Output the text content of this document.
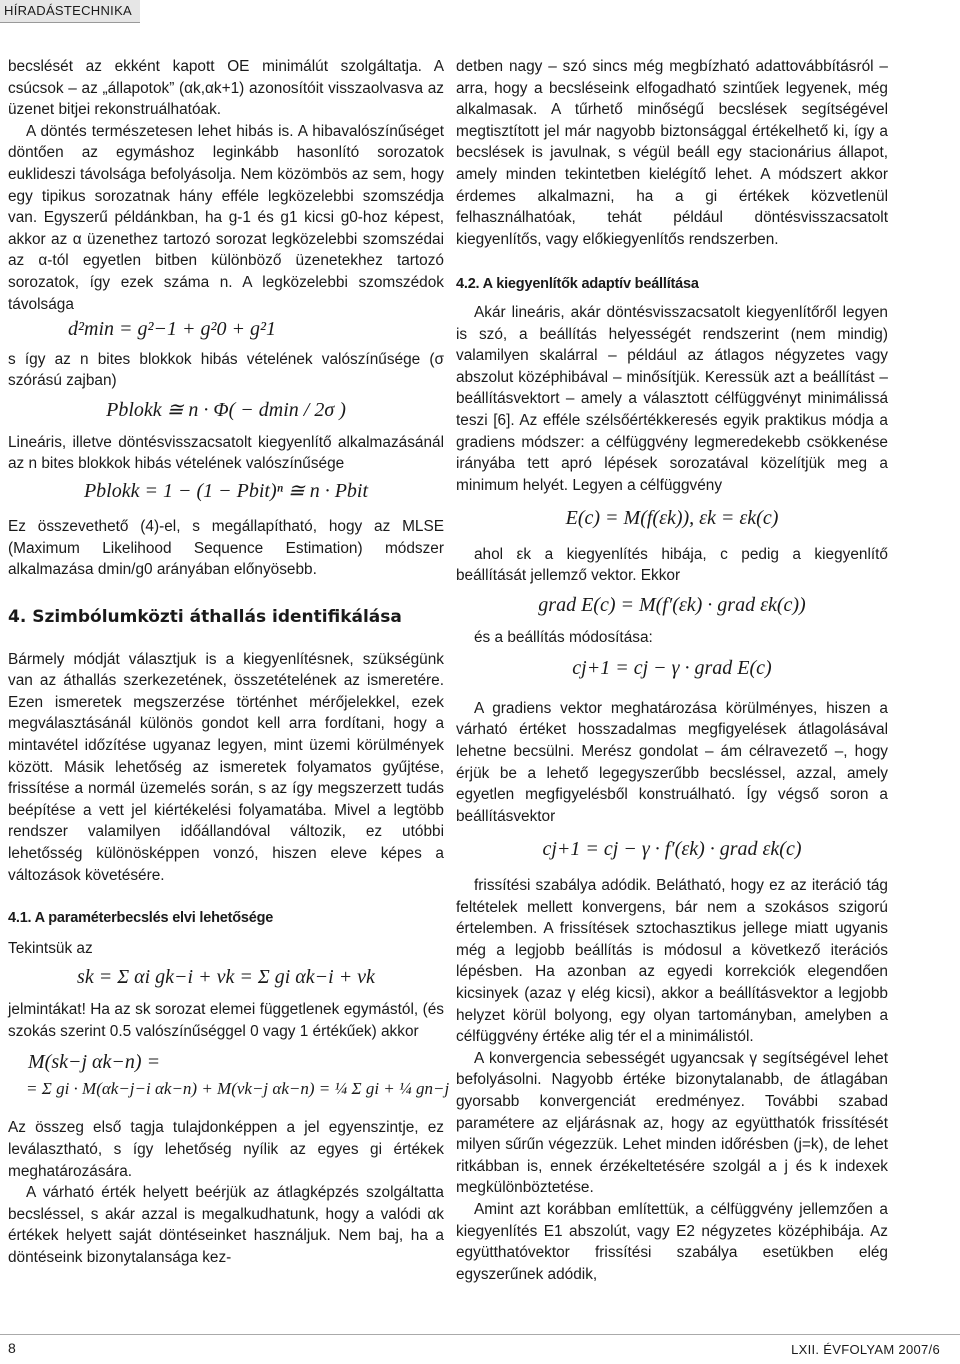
HÍRADÁSTECHNIKA

becslését az ekként kapott OE minimálút szolgáltatja. A csúcsok – az „állapotok” (αk,αk+1) azonosítóit visszaolvasva az üzenet bitjei rekonstruálhatóak.

A döntés természetesen lehet hibás is. A hibavalószínűséget döntően az egymáshoz leginkább hasonlító sorozatok euklideszi távolsága befolyásolja. Nem közömbös az sem, hogy egy tipikus sorozatnak hány efféle legközelebbi szomszédja van. Egyszerű példánkban, ha g-1 és g1 kicsi g0-hoz képest, akkor az α üzenethez tartozó sorozat legközelebbi szomszédai az α-tól egyetlen bitben különböző üzenetekhez tartozó sorozatok, így ezek száma n. A legközelebbi szomszédok távolsága

d²min = g²−1 + g²0 + g²1

s így az n bites blokkok hibás vételének valószínűsége (σ szórású zajban)

Pblokk ≅ n · Φ( − dmin / 2σ )

Lineáris, illetve döntésvisszacsatolt kiegyenlítő alkalmazásánál az n bites blokkok hibás vételének valószínűsége

Pblokk = 1 − (1 − Pbit)ⁿ ≅ n · Pbit

Ez összevethető (4)-el, s megállapítható, hogy az MLSE (Maximum Likelihood Sequence Estimation) módszer alkalmazása dmin/g0 arányában előnyösebb.

4. Szimbólumközti áthallás identifikálása

Bármely módját választjuk is a kiegyenlítésnek, szükségünk van az áthallás szerkezetének, összetételének az ismeretére. Ezen ismeretek megszerzése történhet mérőjelekkel, ezek megválasztásánál különös gondot kell arra fordítani, hogy a mintavétel időzítése ugyanaz legyen, mint üzemi körülmények között. Másik lehetőség az ismeretek folyamatos gyűjtése, frissítése a normál üzemelés során, s az így megszerzett tudás beépítése a vett jel kiértékelési folyamatába. Mivel a legtöbb rendszer valamilyen időállandóval változik, ez utóbbi lehetősség különösképpen vonzó, hiszen eleve képes a változások követésére.

4.1. A paraméterbecslés elvi lehetősége

Tekintsük az

sk = Σ αi gk−i + νk = Σ gi αk−i + νk

jelmintákat! Ha az sk sorozat elemei függetlenek egymástól, (és szokás szerint 0.5 valószínűséggel 0 vagy 1 értékűek) akkor

M(sk−j αk−n) =
= Σ gi · M(αk−j−i αk−n) + M(νk−j αk−n) = ¼ Σ gi + ¼ gn−j

Az összeg első tagja tulajdonképpen a jel egyenszintje, ez leválasztható, s így lehetőség nyílik az egyes gi értékek meghatározására.

A várható érték helyett beérjük az átlagképzés szolgáltatta becsléssel, s akár azzal is megalkudhatunk, hogy a valódi αk értékek helyett saját döntéseinket használjuk. Nem baj, ha a döntéseink bizonytalansága kez-

detben nagy – szó sincs még megbízható adattovábbításról – arra, hogy a becsléseink elfogadható szintűek legyenek, még alkalmasak. A tűrhető minőségű becslések segítségével megtisztított jel már nagyobb biztonsággal értékelhető ki, így a becslések is javulnak, s végül beáll egy stacionárius állapot, amely minden tekintetben kielégítő lehet. A módszert akkor érdemes alkalmazni, ha a gi értékek közvetlenül felhasználhatóak, tehát például döntésvisszacsatolt kiegyenlítős, vagy előkiegyenlítős rendszerben.

4.2. A kiegyenlítők adaptív beállítása

Akár lineáris, akár döntésvisszacsatolt kiegyenlítőről legyen is szó, a beállítás helyességét rendszerint (nem mindig) valamilyen skalárral – például az átlagos négyzetes vagy abszolut középhibával – minősítjük. Keressük azt a beállítást – beállításvektort – amely a választott célfüggvényt minimálissá teszi [6]. Az efféle szélsőértékkeresés egyik praktikus módja a gradiens módszer: a célfüggvény legmeredekebb csökkenése irányába tett apró lépések sorozatával közelítjük meg a minimum helyét. Legyen a célfüggvény

E(c) = M(f(εk)), εk = εk(c)

ahol εk a kiegyenlítés hibája, c pedig a kiegyenlítő beállítását jellemző vektor. Ekkor

grad E(c) = M(f′(εk) · grad εk(c))

és a beállítás módosítása:

cj+1 = cj − γ · grad E(c)

A gradiens vektor meghatározása körülményes, hiszen a várható értéket hosszadalmas megfigyelések átlagolásával lehetne becsülni. Merész gondolat – ám célravezető –, hogy érjük be a lehető legegyszerűbb becsléssel, azzal, amely egyetlen megfigyelésből konstruálható. Így végső soron a beállításvektor

cj+1 = cj − γ · f′(εk) · grad εk(c)

frissítési szabálya adódik. Belátható, hogy ez az iteráció tág feltételek mellett konvergens, bár nem a szokásos szigorú értelemben. A frissítések sztochasztikus jellege miatt ugyanis még a legjobb beállítás is módosul a következő iterációs lépésben. Ha azonban az egyedi korrekciók elegendően kicsinyek (azaz γ elég kicsi), akkor a beállításvektor a legjobb helyzet körül bolyong, egy olyan tartományban, amelyben a célfüggvény értéke alig tér el a minimálistól.

A konvergencia sebességét ugyancsak γ segítségével lehet befolyásolni. Nagyobb értéke bizonytalanabb, de átlagában gyorsabb konvergenciát eredményez. További szabad paramétere az eljárásnak az, hogy az együtthatók frissítését milyen sűrűn végezzük. Lehet minden időrésben (j=k), de lehet ritkábban is, ennek érzékeltetésére szolgál a j és k indexek megkülönböztetése.

Amint azt korábban említettük, a célfüggvény jellemzően a kiegyenlítés E1 abszolút, vagy E2 négyzetes középhibája. Az együtthatóvektor frissítési szabálya esetükben elég egyszerűnek adódik,

8	LXII. ÉVFOLYAM 2007/6
